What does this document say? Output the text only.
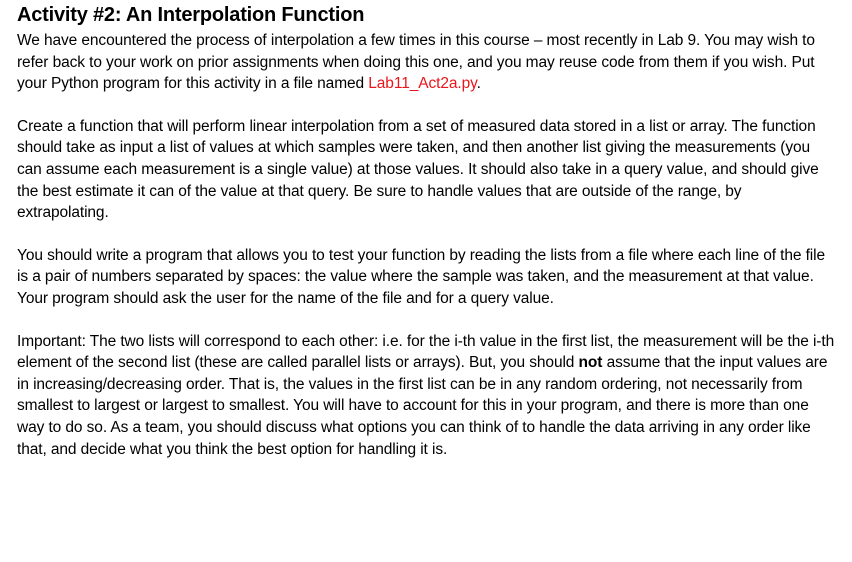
Activity #2: An Interpolation Function

We have encountered the process of interpolation a few times in this course – most recently in Lab 9. You may wish to refer back to your work on prior assignments when doing this one, and you may reuse code from them if you wish. Put your Python program for this activity in a file named Lab11_Act2a.py.

Create a function that will perform linear interpolation from a set of measured data stored in a list or array. The function should take as input a list of values at which samples were taken, and then another list giving the measurements (you can assume each measurement is a single value) at those values. It should also take in a query value, and should give the best estimate it can of the value at that query. Be sure to handle values that are outside of the range, by extrapolating.

You should write a program that allows you to test your function by reading the lists from a file where each line of the file is a pair of numbers separated by spaces: the value where the sample was taken, and the measurement at that value. Your program should ask the user for the name of the file and for a query value.

Important: The two lists will correspond to each other: i.e. for the i-th value in the first list, the measurement will be the i-th element of the second list (these are called parallel lists or arrays). But, you should not assume that the input values are in increasing/decreasing order. That is, the values in the first list can be in any random ordering, not necessarily from smallest to largest or largest to smallest. You will have to account for this in your program, and there is more than one way to do so. As a team, you should discuss what options you can think of to handle the data arriving in any order like that, and decide what you think the best option for handling it is.
